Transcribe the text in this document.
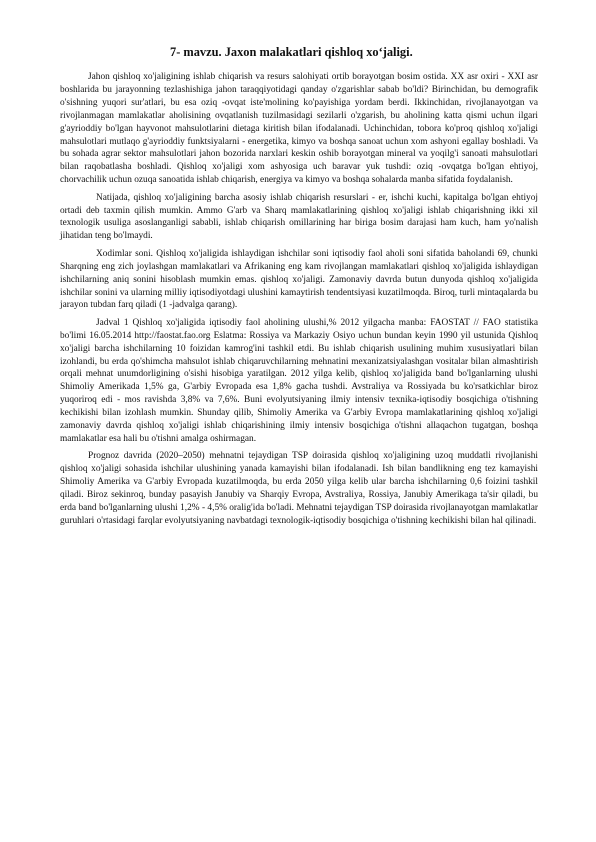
7- mavzu. Jaxon malakatlari qishloq xo‘jaligi.

Jahon qishloq xo'jaligining ishlab chiqarish va resurs salohiyati ortib borayotgan bosim ostida. XX asr oxiri - XXI asr boshlarida bu jarayonning tezlashishiga jahon taraqqiyotidagi qanday o'zgarishlar sabab bo'ldi? Birinchidan, bu demografik o'sishning yuqori sur'atlari, bu esa oziq -ovqat iste'molining ko'payishiga yordam berdi. Ikkinchidan, rivojlanayotgan va rivojlanmagan mamlakatlar aholisining ovqatlanish tuzilmasidagi sezilarli o'zgarish, bu aholining katta qismi uchun ilgari g'ayrioddiy bo'lgan hayvonot mahsulotlarini dietaga kiritish bilan ifodalanadi. Uchinchidan, tobora ko'proq qishloq xo'jaligi mahsulotlari mutlaqo g'ayrioddiy funktsiyalarni - energetika, kimyo va boshqa sanoat uchun xom ashyoni egallay boshladi. Va bu sohada agrar sektor mahsulotlari jahon bozorida narxlari keskin oshib borayotgan mineral va yoqilg'i sanoati mahsulotlari bilan raqobatlasha boshladi. Qishloq xo'jaligi xom ashyosiga uch baravar yuk tushdi: oziq -ovqatga bo'lgan ehtiyoj, chorvachilik uchun ozuqa sanoatida ishlab chiqarish, energiya va kimyo va boshqa sohalarda manba sifatida foydalanish.

Natijada, qishloq xo'jaligining barcha asosiy ishlab chiqarish resurslari - er, ishchi kuchi, kapitalga bo'lgan ehtiyoj ortadi deb taxmin qilish mumkin. Ammo G'arb va Sharq mamlakatlarining qishloq xo'jaligi ishlab chiqarishning ikki xil texnologik usuliga asoslanganligi sababli, ishlab chiqarish omillarining har biriga bosim darajasi ham kuch, ham yo'nalish jihatidan teng bo'lmaydi.

Xodimlar soni. Qishloq xo'jaligida ishlaydigan ishchilar soni iqtisodiy faol aholi soni sifatida baholandi 69, chunki Sharqning eng zich joylashgan mamlakatlari va Afrikaning eng kam rivojlangan mamlakatlari qishloq xo'jaligida ishlaydigan ishchilarning aniq sonini hisoblash mumkin emas. qishloq xo'jaligi. Zamonaviy davrda butun dunyoda qishloq xo'jaligida ishchilar sonini va ularning milliy iqtisodiyotdagi ulushini kamaytirish tendentsiyasi kuzatilmoqda. Biroq, turli mintaqalarda bu jarayon tubdan farq qiladi (1 -jadvalga qarang).

Jadval 1 Qishloq xo'jaligida iqtisodiy faol aholining ulushi,% 2012 yilgacha manba: FAOSTAT // FAO statistika bo'limi 16.05.2014 http://faostat.fao.org Eslatma: Rossiya va Markaziy Osiyo uchun bundan keyin 1990 yil ustunida Qishloq xo'jaligi barcha ishchilarning 10 foizidan kamrog'ini tashkil etdi. Bu ishlab chiqarish usulining muhim xususiyatlari bilan izohlandi, bu erda qo'shimcha mahsulot ishlab chiqaruvchilarning mehnatini mexanizatsiyalashgan vositalar bilan almashtirish orqali mehnat unumdorligining o'sishi hisobiga yaratilgan. 2012 yilga kelib, qishloq xo'jaligida band bo'lganlarning ulushi Shimoliy Amerikada 1,5% ga, G'arbiy Evropada esa 1,8% gacha tushdi. Avstraliya va Rossiyada bu ko'rsatkichlar biroz yuqoriroq edi - mos ravishda 3,8% va 7,6%. Buni evolyutsiyaning ilmiy intensiv texnika-iqtisodiy bosqichiga o'tishning kechikishi bilan izohlash mumkin. Shunday qilib, Shimoliy Amerika va G'arbiy Evropa mamlakatlarining qishloq xo'jaligi zamonaviy davrda qishloq xo'jaligi ishlab chiqarishining ilmiy intensiv bosqichiga o'tishni allaqachon tugatgan, boshqa mamlakatlar esa hali bu o'tishni amalga oshirmagan.

Prognoz davrida (2020–2050) mehnatni tejaydigan TSP doirasida qishloq xo'jaligining uzoq muddatli rivojlanishi qishloq xo'jaligi sohasida ishchilar ulushining yanada kamayishi bilan ifodalanadi. Ish bilan bandlikning eng tez kamayishi Shimoliy Amerika va G'arbiy Evropada kuzatilmoqda, bu erda 2050 yilga kelib ular barcha ishchilarning 0,6 foizini tashkil qiladi. Biroz sekinroq, bunday pasayish Janubiy va Sharqiy Evropa, Avstraliya, Rossiya, Janubiy Amerikaga ta'sir qiladi, bu erda band bo'lganlarning ulushi 1,2% - 4,5% oralig'ida bo'ladi. Mehnatni tejaydigan TSP doirasida rivojlanayotgan mamlakatlar guruhlari o'rtasidagi farqlar evolyutsiyaning navbatdagi texnologik-iqtisodiy bosqichiga o'tishning kechikishi bilan hal qilinadi.
